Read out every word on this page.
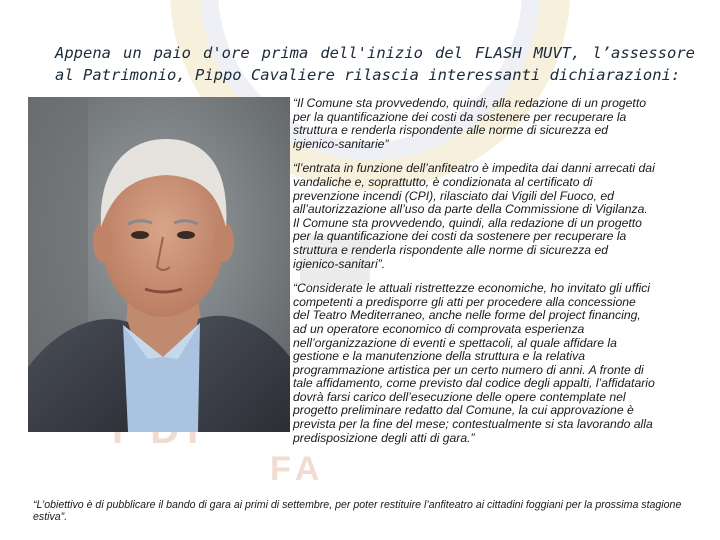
FA
Appena un paio d'ore prima dell'inizio del FLASH MUVT, l’assessore al Patrimonio, Pippo Cavaliere rilascia interessanti dichiarazioni:

“Il Comune sta provvedendo, quindi, alla redazione di un progetto per la quantificazione dei costi da sostenere per recuperare la struttura e renderla rispondente alle norme di sicurezza ed igienico-sanitarie”

“l’entrata in funzione dell’anfiteatro è impedita dai danni arrecati dai vandaliche e, soprattutto, è condizionata al certificato di prevenzione incendi (CPI), rilasciato dai Vigili del Fuoco, ed all’autorizzazione all’uso da parte della Commissione di Vigilanza. Il Comune sta provvedendo, quindi, alla redazione di un progetto per la quantificazione dei costi da sostenere per recuperare la struttura e renderla rispondente alle norme di sicurezza ed igienico-sanitari”.

“Considerate le attuali ristrettezze economiche, ho invitato gli uffici competenti a predisporre gli atti per procedere alla concessione del Teatro Mediterraneo, anche nelle forme del project financing, ad un operatore economico di comprovata esperienza nell’organizzazione di eventi e spettacoli, al quale affidare la gestione e la manutenzione della struttura e la relativa programmazione artistica per un certo numero di anni. A fronte di tale affidamento, come previsto dal codice degli appalti, l’affidatario dovrà farsi carico dell’esecuzione delle opere contemplate nel progetto preliminare redatto dal Comune, la cui approvazione è prevista per la fine del mese; contestualmente si sta lavorando alla predisposizione degli atti di gara.”

“L’obiettivo è di pubblicare il bando di gara ai primi di settembre, per poter restituire l’anfiteatro ai cittadini foggiani per la prossima stagione estiva”.
